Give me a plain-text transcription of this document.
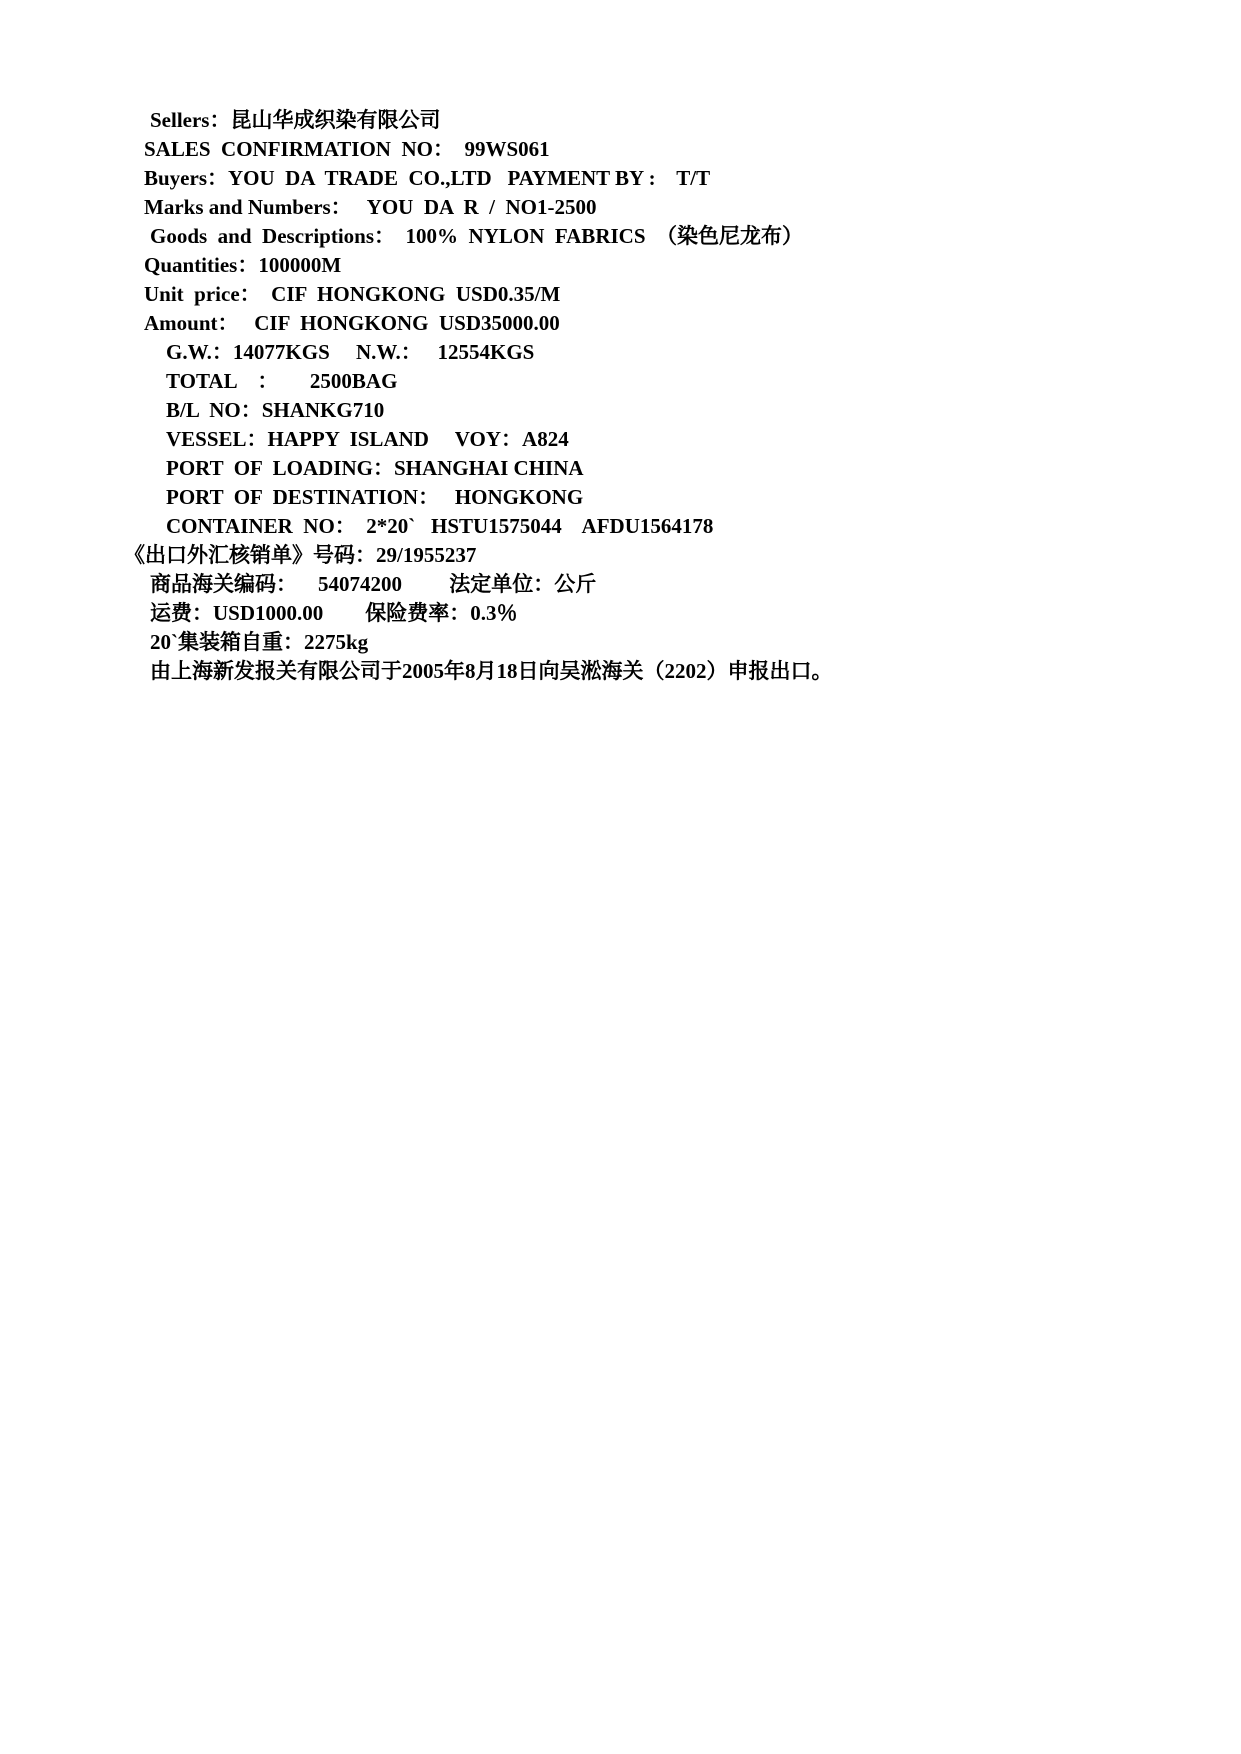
Sellers：昆山华成织染有限公司
SALES  CONFIRMATION  NO：  99WS061
Buyers：YOU  DA  TRADE  CO.,LTD   PAYMENT BY :    T/T
Marks and Numbers：   YOU  DA  R  /  NO1-2500
Goods  and  Descriptions：  100%  NYLON  FABRICS  （染色尼龙布）
Quantities：100000M
Unit  price：  CIF  HONGKONG  USD0.35/M
Amount：   CIF  HONGKONG  USD35000.00
G.W.：14077KGS     N.W.：   12554KGS
TOTAL    ：      2500BAG
B/L  NO：SHANKG710
VESSEL：HAPPY  ISLAND     VOY：A824
PORT  OF  LOADING：SHANGHAI CHINA
PORT  OF  DESTINATION：   HONGKONG
CONTAINER  NO：  2*20`   HSTU1575044    AFDU1564178
《出口外汇核销单》号码：29/1955237
商品海关编码：    54074200         法定单位：公斤
运费：USD1000.00        保险费率：0.3％
20`集装箱自重：2275kg
由上海新发报关有限公司于2005年8月18日向吴淞海关（2202）申报出口。
